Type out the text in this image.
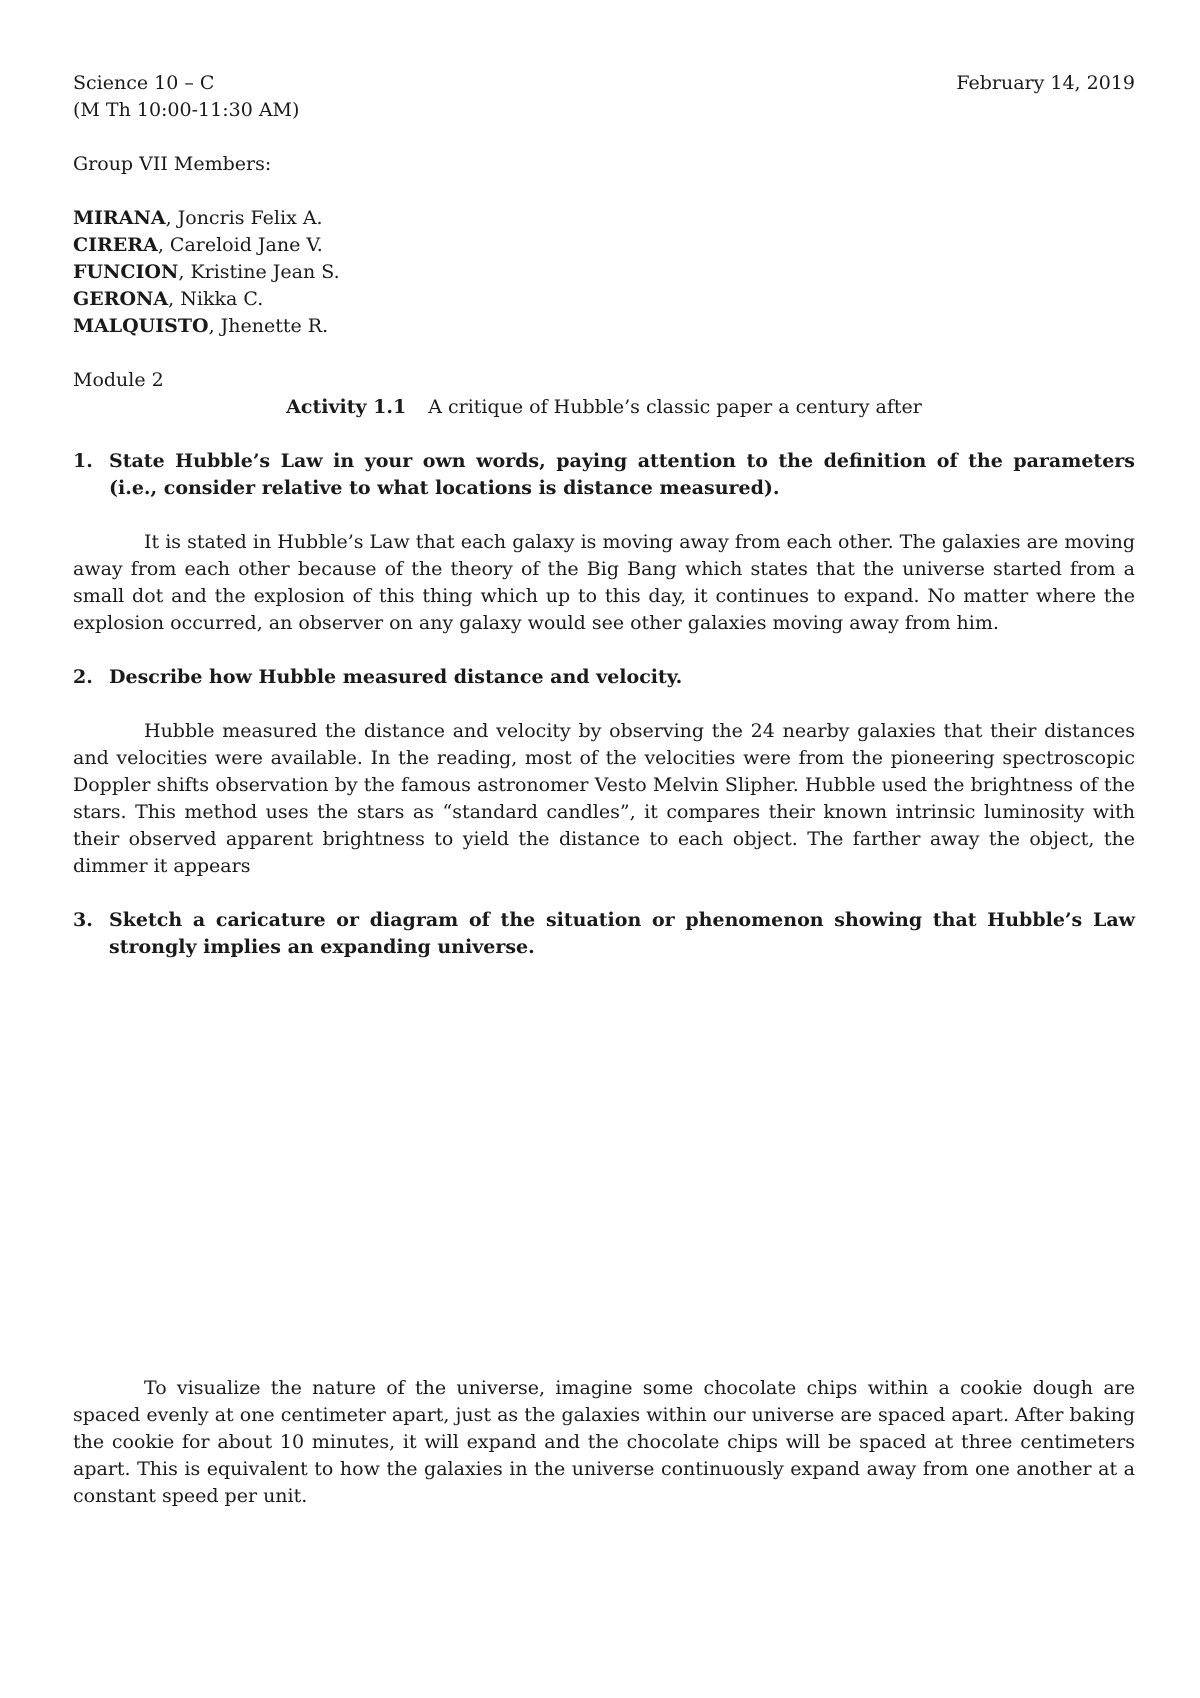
Science 10 – C	February 14, 2019
(M Th 10:00-11:30 AM)
Group VII Members:
MIRANA, Joncris Felix A.
CIRERA, Careloid Jane V.
FUNCION, Kristine Jean S.
GERONA, Nikka C.
MALQUISTO, Jhenette R.
Module 2
Activity 1.1 A critique of Hubble’s classic paper a century after
1. State Hubble’s Law in your own words, paying attention to the definition of the parameters (i.e., consider relative to what locations is distance measured).

It is stated in Hubble’s Law that each galaxy is moving away from each other. The galaxies are moving away from each other because of the theory of the Big Bang which states that the universe started from a small dot and the explosion of this thing which up to this day, it continues to expand. No matter where the explosion occurred, an observer on any galaxy would see other galaxies moving away from him.

2. Describe how Hubble measured distance and velocity.

Hubble measured the distance and velocity by observing the 24 nearby galaxies that their distances and velocities were available. In the reading, most of the velocities were from the pioneering spectroscopic Doppler shifts observation by the famous astronomer Vesto Melvin Slipher. Hubble used the brightness of the stars. This method uses the stars as “standard candles”, it compares their known intrinsic luminosity with their observed apparent brightness to yield the distance to each object. The farther away the object, the dimmer it appears

3. Sketch a caricature or diagram of the situation or phenomenon showing that Hubble’s Law strongly implies an expanding universe.

To visualize the nature of the universe, imagine some chocolate chips within a cookie dough are spaced evenly at one centimeter apart, just as the galaxies within our universe are spaced apart. After baking the cookie for about 10 minutes, it will expand and the chocolate chips will be spaced at three centimeters apart. This is equivalent to how the galaxies in the universe continuously expand away from one another at a constant speed per unit.
